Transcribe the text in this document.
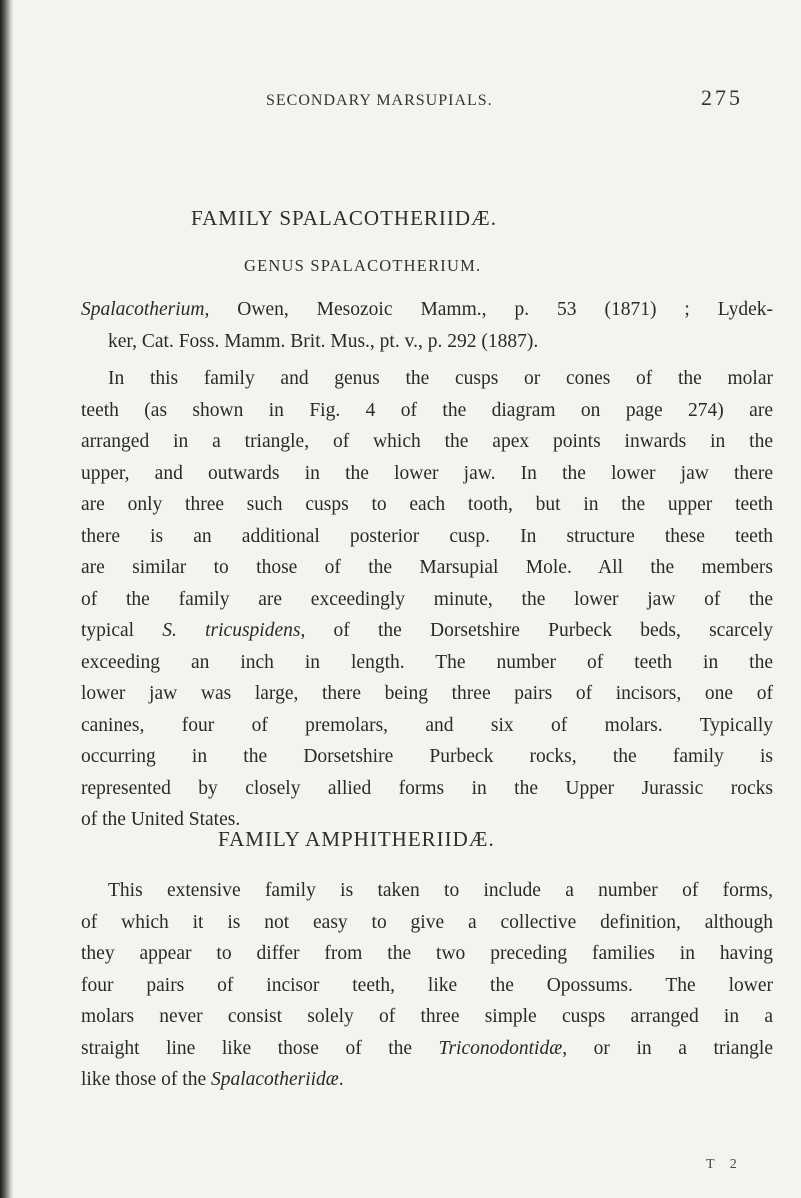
SECONDARY MARSUPIALS.	275
FAMILY SPALACOTHERIIDÆ.
GENUS SPALACOTHERIUM.

Spalacotherium, Owen, Mesozoic Mamm., p. 53 (1871) ; Lydek-
ker, Cat. Foss. Mamm. Brit. Mus., pt. v., p. 292 (1887).

In this family and genus the cusps or cones of the molar
teeth (as shown in Fig. 4 of the diagram on page 274) are
arranged in a triangle, of which the apex points inwards in the
upper, and outwards in the lower jaw. In the lower jaw there
are only three such cusps to each tooth, but in the upper teeth
there is an additional posterior cusp. In structure these teeth
are similar to those of the Marsupial Mole. All the members
of the family are exceedingly minute, the lower jaw of the
typical S. tricuspidens, of the Dorsetshire Purbeck beds, scarcely
exceeding an inch in length. The number of teeth in the
lower jaw was large, there being three pairs of incisors, one of
canines, four of premolars, and six of molars. Typically
occurring in the Dorsetshire Purbeck rocks, the family is
represented by closely allied forms in the Upper Jurassic rocks
of the United States.

FAMILY AMPHITHERIIDÆ.

This extensive family is taken to include a number of forms,
of which it is not easy to give a collective definition, although
they appear to differ from the two preceding families in having
four pairs of incisor teeth, like the Opossums. The lower
molars never consist solely of three simple cusps arranged in a
straight line like those of the Triconodontidæ, or in a triangle
like those of the Spalacotheriidæ.

T 2
